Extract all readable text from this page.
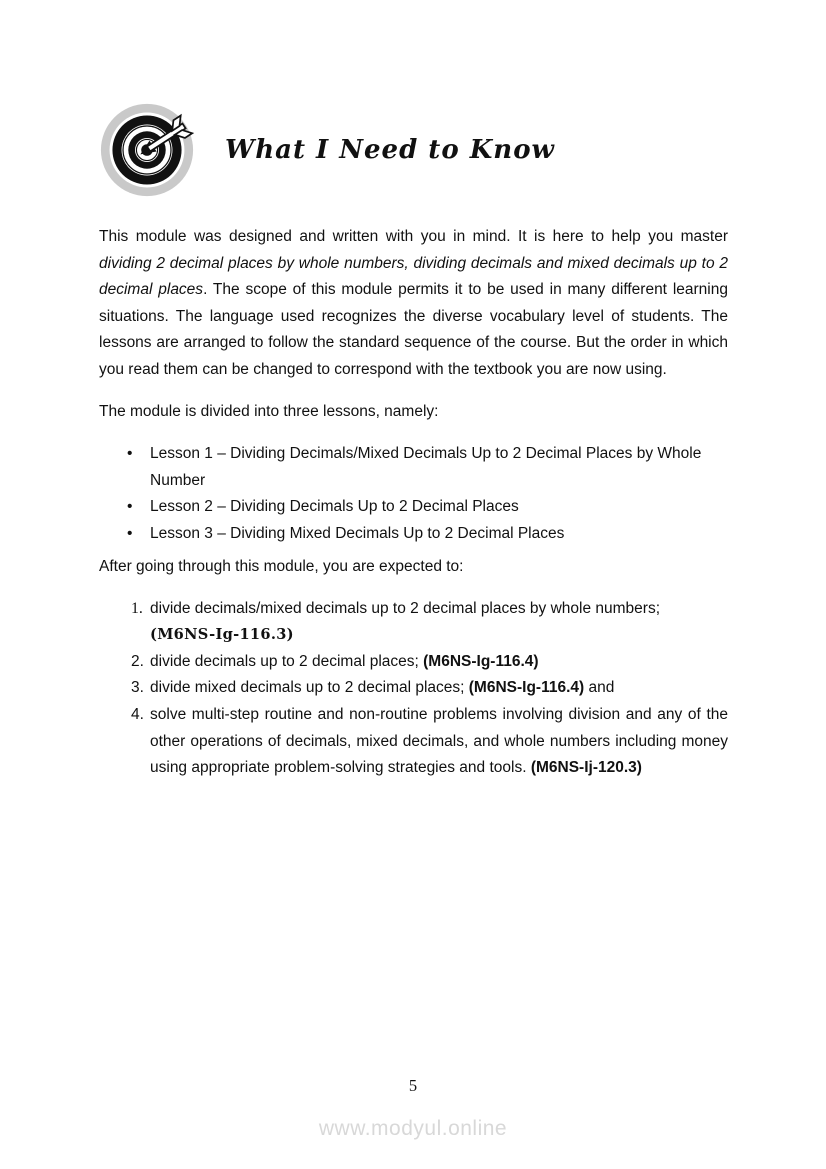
What I Need to Know

This module was designed and written with you in mind. It is here to help you master dividing 2 decimal places by whole numbers, dividing decimals and mixed decimals up to 2 decimal places. The scope of this module permits it to be used in many different learning situations. The language used recognizes the diverse vocabulary level of students. The lessons are arranged to follow the standard sequence of the course. But the order in which you read them can be changed to correspond with the textbook you are now using.

The module is divided into three lessons, namely:

•	Lesson 1 – Dividing Decimals/Mixed Decimals Up to 2 Decimal Places by Whole Number
•	Lesson 2 – Dividing Decimals Up to 2 Decimal Places
•	Lesson 3 – Dividing Mixed Decimals Up to 2 Decimal Places

After going through this module, you are expected to:

1. divide decimals/mixed decimals up to 2 decimal places by whole numbers;
(M6NS-Ig-116.3)
2. divide decimals up to 2 decimal places; (M6NS-Ig-116.4)
3. divide mixed decimals up to 2 decimal places; (M6NS-Ig-116.4) and
4. solve multi-step routine and non-routine problems involving division and any of the other operations of decimals, mixed decimals, and whole numbers including money using appropriate problem-solving strategies and tools. (M6NS-Ij-120.3)
5
www.modyul.online
